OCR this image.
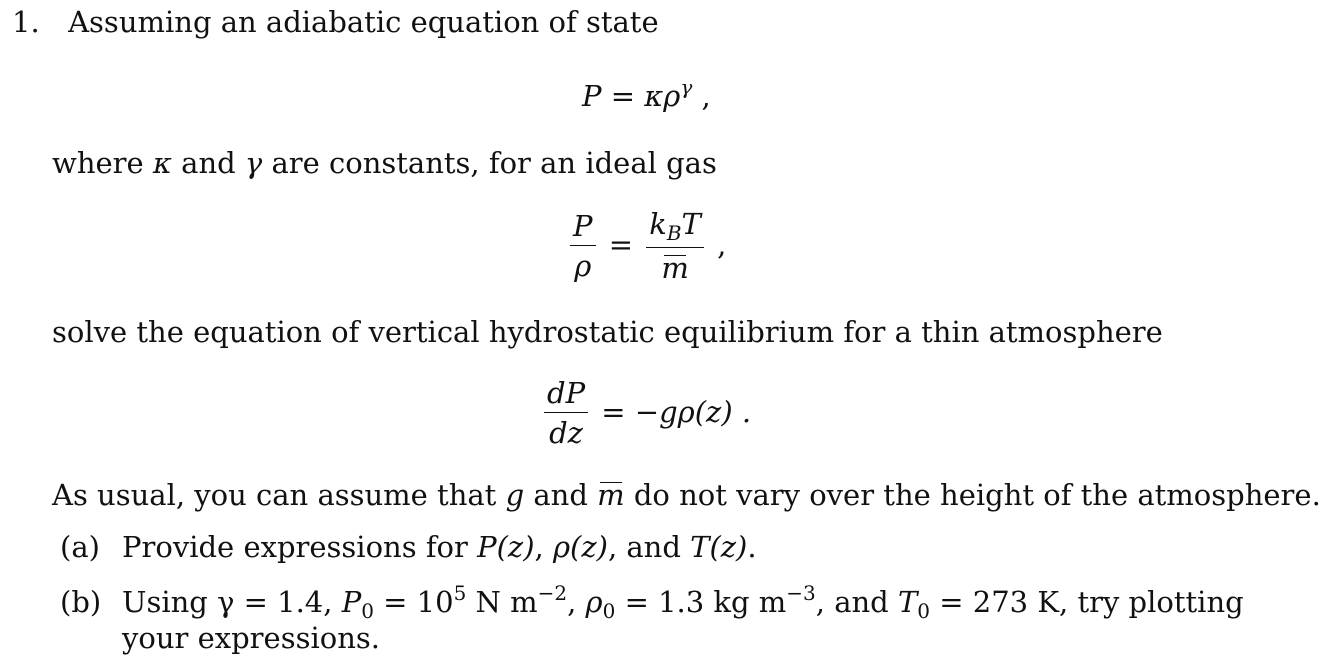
1. Assuming an adiabatic equation of state
$P = \kappa\rho^\gamma$ ,
where κ and γ are constants, for an ideal gas
$\frac{P}{\rho} = \frac{k_BT}{m}$ ,
solve the equation of vertical hydrostatic equilibrium for a thin atmosphere
$\frac{dP}{dz} = -g\rho(z)$ .
As usual, you can assume that g and m do not vary over the height of the atmosphere.
(a) Provide expressions for P(z), ρ(z), and T(z).
(b) Using γ = 1.4, $P_0 = 10^5$ N $m^{-2}$, $\rho_0 = 1.3$ kg $m^{-3}$, and $T_0 = 273$ K, try plotting
your expressions.
